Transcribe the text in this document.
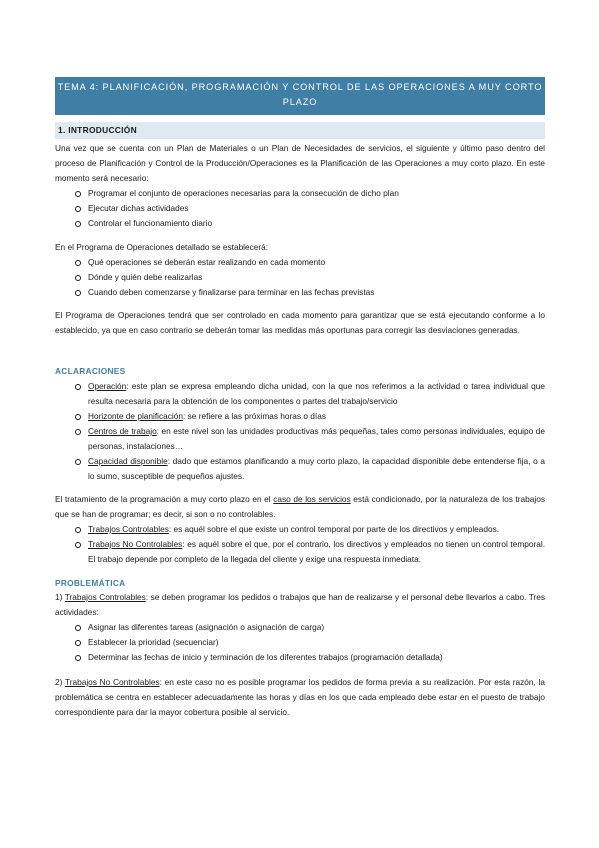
TEMA 4: PLANIFICACIÓN, PROGRAMACIÓN Y CONTROL DE LAS OPERACIONES A MUY CORTO
PLAZO
1. INTRODUCCIÓN

Una vez que se cuenta con un Plan de Materiales o un Plan de Necesidades de servicios, el siguiente y último paso dentro del proceso de Planificación y Control de la Producción/Operaciones es la Planificación de las Operaciones a muy corto plazo. En este momento será necesario:

Programar el conjunto de operaciones necesarias para la consecución de dicho plan
Ejecutar dichas actividades
Controlar el funcionamiento diario

En el Programa de Operaciones detallado se establecerá:

Qué operaciones se deberán estar realizando en cada momento
Dónde y quién debe realizarlas
Cuando deben comenzarse y finalizarse para terminar en las fechas previstas
El Programa de Operaciones tendrá que ser controlado en cada momento para garantizar que se está ejecutando conforme a lo establecido, ya que en caso contrario se deberán tomar las medidas más oportunas para corregir las desviaciones generadas.
ACLARACIONES
Operación: este plan se expresa empleando dicha unidad, con la que nos referimos a la actividad o tarea individual que resulta necesaria para la obtención de los componentes o partes del trabajo/servicio
Horizonte de planificación: se refiere a las próximas horas o días
Centros de trabajo: en este nivel son las unidades productivas más pequeñas, tales como personas individuales, equipo de personas, instalaciones…
Capacidad disponible: dado que estamos planificando a muy corto plazo, la capacidad disponible debe entenderse fija, o a lo sumo, susceptible de pequeños ajustes.

El tratamiento de la programación a muy corto plazo en el caso de los servicios está condicionado, por la naturaleza de los trabajos que se han de programar; es decir, si son o no controlables.

Trabajos Controlables: es aquél sobre el que existe un control temporal por parte de los directivos y empleados.
Trabajos No Controlables: es aquél sobre el que, por el contrario, los directivos y empleados no tienen un control temporal. El trabajo depende por completo de la llegada del cliente y exige una respuesta inmediata.
PROBLEMÁTICA

1) Trabajos Controlables: se deben programar los pedidos o trabajos que han de realizarse y el personal debe llevarlos a cabo. Tres actividades:

Asignar las diferentes tareas (asignación o asignación de carga)
Establecer la prioridad (secuenciar)
Determinar las fechas de inicio y terminación de los diferentes trabajos (programación detallada)
2) Trabajos No Controlables: en este caso no es posible programar los pedidos de forma previa a su realización. Por esta razón, la problemática se centra en establecer adecuadamente las horas y días en los que cada empleado debe estar en el puesto de trabajo correspondiente para dar la mayor cobertura posible al servicio.
